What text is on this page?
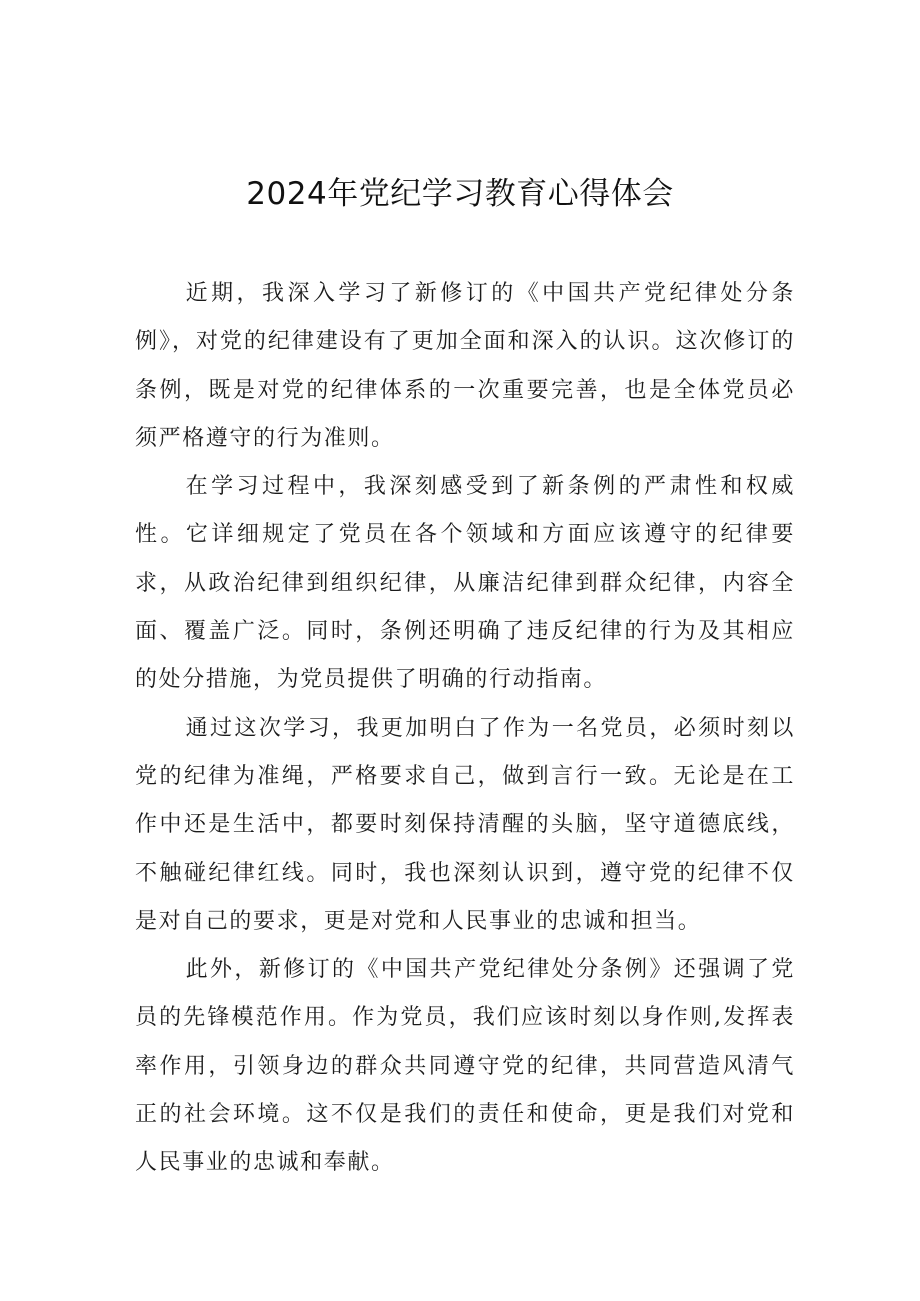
2024年党纪学习教育心得体会

近期，我深入学习了新修订的《中国共产党纪律处分条例》，对党的纪律建设有了更加全面和深入的认识。这次修订的条例，既是对党的纪律体系的一次重要完善，也是全体党员必须严格遵守的行为准则。

在学习过程中，我深刻感受到了新条例的严肃性和权威性。它详细规定了党员在各个领域和方面应该遵守的纪律要求，从政治纪律到组织纪律，从廉洁纪律到群众纪律，内容全面、覆盖广泛。同时，条例还明确了违反纪律的行为及其相应的处分措施，为党员提供了明确的行动指南。

通过这次学习，我更加明白了作为一名党员，必须时刻以党的纪律为准绳，严格要求自己，做到言行一致。无论是在工作中还是生活中，都要时刻保持清醒的头脑，坚守道德底线，不触碰纪律红线。同时，我也深刻认识到，遵守党的纪律不仅是对自己的要求，更是对党和人民事业的忠诚和担当。

此外，新修订的《中国共产党纪律处分条例》还强调了党员的先锋模范作用。作为党员，我们应该时刻以身作则,发挥表率作用，引领身边的群众共同遵守党的纪律，共同营造风清气正的社会环境。这不仅是我们的责任和使命，更是我们对党和人民事业的忠诚和奉献。
